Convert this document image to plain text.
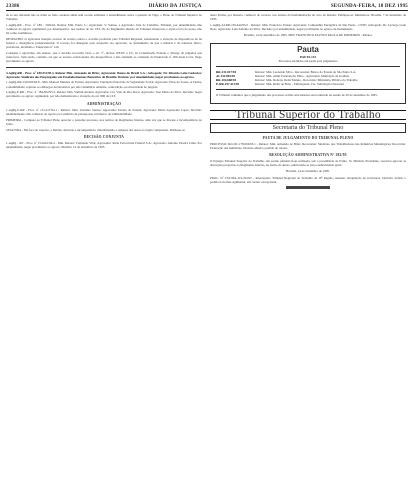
23386	DIÁRIO DA JUSTIÇA	SEGUNDA-FEIRA, 18 DEZ 1995

de se seu referente não se achar ao feito, estando ainda sem ou não submeter a entendimento sobre a questão de Tuga, o Pleno do Tribunal Superior do Trabalho.

1-AgRg-RR - Proc. nº 189 - 59/94.6, Relator Min. Paulo C.; Agravante: V. Santos, e Agravado: Juiz do Trabalho. Tribunal, por unanimidade, não conhecer do agravo regimental, por intempestivo, nos termos do art. 183, IX, do Regimento Interno do Tribunal. Interposto o agravo fora do prazo, não há como examiná-lo.

DESPACHO: O agravante interpôs recurso de revista contra o acórdão proferido pelo Tribunal Regional, sustentando a violação de dispositivos de lei federal e divergência jurisprudencial. O recurso foi denegado pelo despacho ora agravado, ao fundamento de que a matéria é de natureza fático-probatória, incidindo o Enunciado nº 126.

Consigna o agravante, em síntese, que a decisão recorrida viola o art. 5º, incisos XXXV e LV, da Constituição Federal e diverge de julgados que transcreve. Sem razão, contudo, eis que os arestos colacionados são inespecíficos e não atendem ao comando do Enunciado nº 296 desta Corte. Nego provimento ao agravo.

3-AgRg-RR - Proc. nº 180.511/95.3, Relator Min. Armando de Brito; Agravante: Banco do Brasil S.A.; Advogado: Dr. Ricardo Leite Ludovice; Agravado: Sindicato dos Empregados em Estabelecimentos Bancários de Brasília. Decisão: por unanimidade, negar provimento ao agravo.

1-AgRg-RR-159.003/94.8 - Min. Manoel Mendes de Freitas; Agravante: Fundação Petrobrás de Seguridade Social; Agravado: Elias de Souza. A Turma, à unanimidade, rejeitou os embargos declaratórios por não vislumbrar omissão, contradição ou obscuridade no julgado.

I-AgRg-E-RR - Proc. nº 184.302/95.2, Relator Min. Vantuil Abdala; Agravante: Cia. Vale do Rio Doce; Agravado: José Maria da Silva. Decisão: negar provimento ao agravo regimental, por não demonstrada a violação do art. 896 da CLT.

ADMINISTRAÇÃO

1-AgRg-E-RR - Proc. nº 151.417/94.1 - Relator: Min. Ursulino Santos; Agravante: Estado do Paraná; Agravada: Maria Aparecida Lopes. Decisão: unanimemente, não conhecer do agravo por ausência de pressuposto extrínseco de admissibilidade.

PRIMEIRA - Compete ao Tribunal Pleno apreciar o presente processo, nos termos do Regimento Interno, uma vez que se discute a incompetência do Juízo.

SEGUNDA - Em face do exposto, o Relator declarou a incompetência, determinando a remessa dos autos ao órgão competente. Publique-se.

DECISÃO CONJUNTA

1-AgRg - RE - Proc. nº 154.661/94.4 - Min. Relator: Fernando Vilar; Agravante: Rede Ferroviária Federal S.A.; Agravado: Antonio Pereira Lima. Por unanimidade, negar provimento ao agravo. Brasília, 14 de dezembro de 1995.

desta Turma, por maioria, conhecer do recurso, nos termos da fundamentação do voto do Relator. Publique-se. Intimem-se. Brasília, 7 de dezembro de 1995.

1-AgRg-AI-RR-159.442/95.0 - Relator: Min. Francisco Fausto; Agravante: Companhia Energética de São Paulo - CESP; Advogado: Dr. Lycurgo Leite Neto; Agravado: Luiz Antonio da Silva. Decisão: por unanimidade, negar provimento ao agravo de instrumento.

Brasília, 14 de dezembro de 1995. MIN. FRANCISCO FAUSTO PAULA DE MEDEIROS - Relator
Pauta
PAUTA 133
Processos incluídos em pauta para julgamento
RR-131.017/94	Relator: Min. Leonaldo Silva - Recorrente: Banco do Estado de São Paulo S.A.
AI-152.803/95	Relator: Min. Almir Pazzianotto Pinto - Agravante: Município de Goiânia
RR-104.668/94	Relator: Min. Roberto Della Manna - Recorrido: Ministério Público do Trabalho
E-RR-197.411/95	Relator: Min. Rider de Brito - Embargante: Cia. Siderúrgica Nacional

O Tribunal comunica que o julgamento dos processos acima relacionados será realizado na sessão de 20 de dezembro de 1995.

Tribunal Superior do Trabalho
Secretaria do Tribunal Pleno
PAUTA DE JULGAMENTO DO TRIBUNAL PLENO

PROCESSO: RO-DC-178.006/95.1 - Relator: Min. Armando de Brito; Recorrente: Sindicato dos Trabalhadores nas Indústrias Metalúrgicas; Recorrido: Federação das Indústrias. Decisão adiada a pedido do relator.

RESOLUÇÃO ADMINISTRATIVA Nº 282/95

O Egrégio Tribunal Superior do Trabalho, em sessão plenária hoje realizada, sob a presidência do Exmo. Sr. Ministro Presidente, resolveu aprovar as alterações propostas ao Regimento Interno, na forma do anexo, publicando-se para conhecimento geral.

Brasília, 14 de dezembro de 1995.

PROC. Nº TST-MA-119.222/95 - Interessado: Tribunal Regional do Trabalho da 10ª Região; Assunto: Requisição de servidores. Decisão: deferir o pedido na forma regimental, em caráter excepcional.
